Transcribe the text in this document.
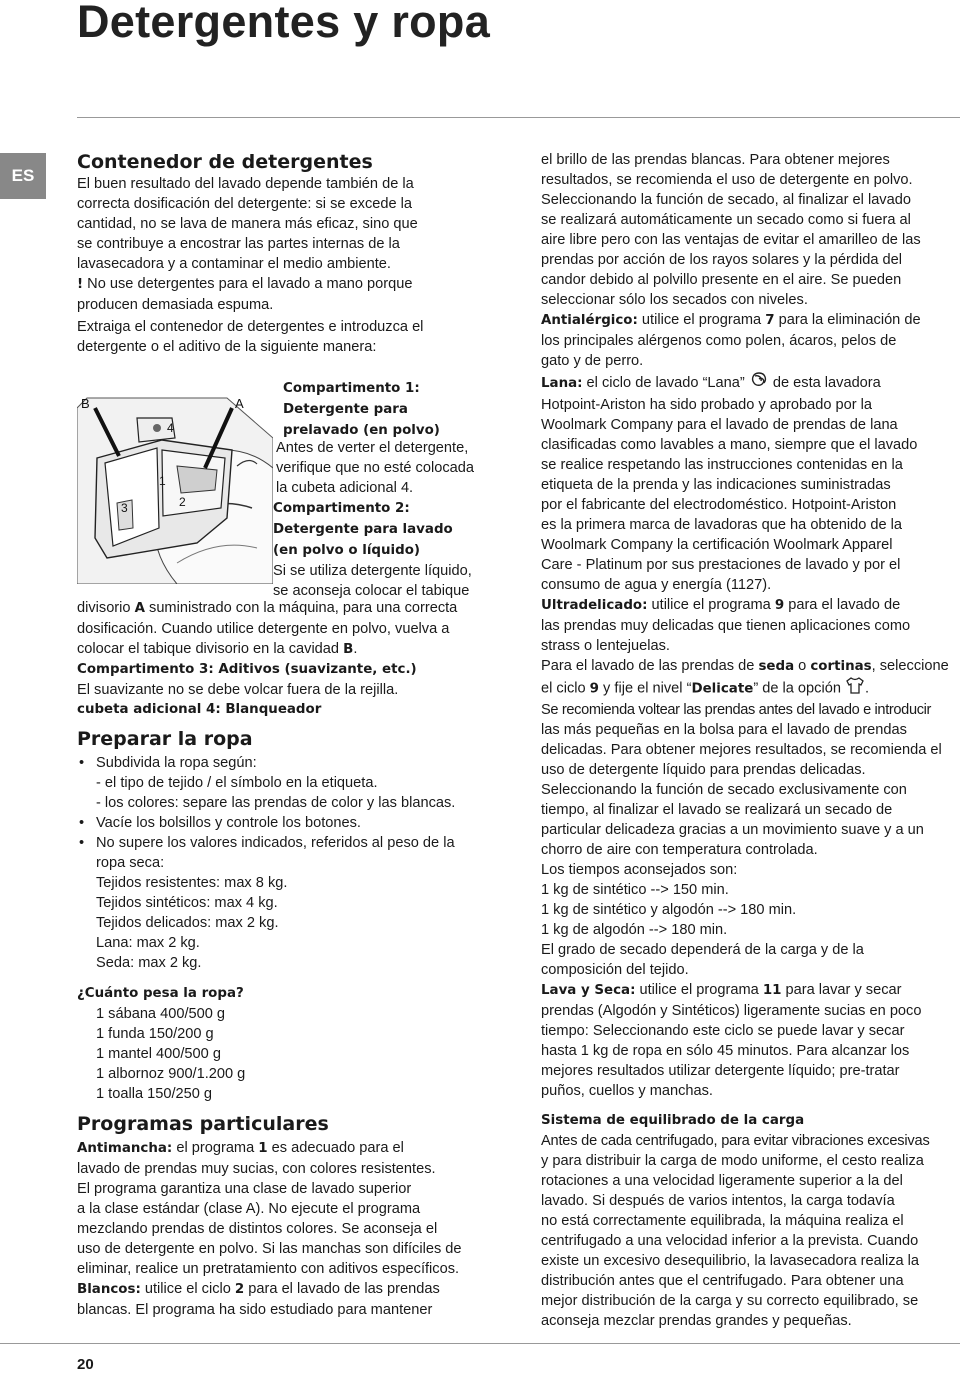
Detergentes y ropa
ES
Contenedor de detergentes

El buen resultado del lavado depende también de la

correcta dosificación del detergente: si se excede la

cantidad, no se lava de manera más eficaz, sino que

se contribuye a encostrar las partes internas de la

lavasecadora y a contaminar el medio ambiente.

! No use detergentes para el lavado a mano porque

producen demasiada espuma.

Extraiga el contenedor de detergentes e introduzca el

detergente o el aditivo de la siguiente manera:

B	A
4
1
2
3
Compartimento 1:
Detergente para
prelavado (en polvo)
Antes de verter el detergente,
verifique que no esté colocada
la cubeta adicional 4.
Compartimento 2:
Detergente para lavado
(en polvo o líquido)
Si se utiliza detergente líquido,
se aconseja colocar el tabique

divisorio A suministrado con la máquina, para una correcta

dosificación. Cuando utilice detergente en polvo, vuelva a

colocar el tabique divisorio en la cavidad B.

Compartimento 3: Aditivos (suavizante, etc.)

El suavizante no se debe volcar fuera de la rejilla.

cubeta adicional 4: Blanqueador
Preparar la ropa
• Subdivida la ropa según:
- el tipo de tejido / el símbolo en la etiqueta.
- los colores: separe las prendas de color y las blancas.
• Vacíe los bolsillos y controle los botones.
• No supere los valores indicados, referidos al peso de la
ropa seca:
Tejidos resistentes: max 8 kg.
Tejidos sintéticos: max 4 kg.
Tejidos delicados: max 2 kg.
Lana: max 2 kg.
Seda: max 2 kg.
¿Cuánto pesa la ropa?
1 sábana 400/500 g
1 funda 150/200 g
1 mantel 400/500 g
1 albornoz 900/1.200 g
1 toalla 150/250 g
Programas particulares

Antimancha: el programa 1 es adecuado para el

lavado de prendas muy sucias, con colores resistentes.

El programa garantiza una clase de lavado superior

a la clase estándar (clase A). No ejecute el programa

mezclando prendas de distintos colores. Se aconseja el

uso de detergente en polvo. Si las manchas son difíciles de

eliminar, realice un pretratamiento con aditivos específicos.

Blancos: utilice el ciclo 2 para el lavado de las prendas

blancas. El programa ha sido estudiado para mantener

el brillo de las prendas blancas. Para obtener mejores

resultados, se recomienda el uso de detergente en polvo.

Seleccionando la función de secado, al finalizar el lavado

se realizará automáticamente un secado como si fuera al

aire libre pero con las ventajas de evitar el amarilleo de las

prendas por acción de los rayos solares y la pérdida del

candor debido al polvillo presente en el aire. Se pueden

seleccionar sólo los secados con niveles.

Antialérgico: utilice el programa 7 para la eliminación de

los principales alérgenos como polen, ácaros, pelos de

gato y de perro.

Lana: el ciclo de lavado “Lana”  de esta lavadora

Hotpoint-Ariston ha sido probado y aprobado por la

Woolmark Company para el lavado de prendas de lana

clasificadas como lavables a mano, siempre que el lavado

se realice respetando las instrucciones contenidas en la

etiqueta de la prenda y las indicaciones suministradas

por el fabricante del electrodoméstico. Hotpoint-Ariston

es la primera marca de lavadoras que ha obtenido de la

Woolmark Company la certificación Woolmark Apparel

Care - Platinum por sus prestaciones de lavado y por el

consumo de agua y energía (1127).

Ultradelicado: utilice el programa 9 para el lavado de

las prendas muy delicadas que tienen aplicaciones como

strass o lentejuelas.

Para el lavado de las prendas de seda o cortinas, seleccione

el ciclo 9 y fije el nivel “Delicate” de la opción .

Se recomienda voltear las prendas antes del lavado e introducir

las más pequeñas en la bolsa para el lavado de prendas

delicadas. Para obtener mejores resultados, se recomienda el

uso de detergente líquido para prendas delicadas.

Seleccionando la función de secado exclusivamente con

tiempo, al finalizar el lavado se realizará un secado de

particular delicadeza gracias a un movimiento suave y a un

chorro de aire con temperatura controlada.

Los tiempos aconsejados son:

1 kg de sintético --> 150 min.

1 kg de sintético y algodón --> 180 min.

1 kg de algodón --> 180 min.

El grado de secado dependerá de la carga y de la

composición del tejido.

Lava y Seca: utilice el programa 11 para lavar y secar

prendas (Algodón y Sintéticos) ligeramente sucias en poco

tiempo: Seleccionando este ciclo se puede lavar y secar

hasta 1 kg de ropa en sólo 45 minutos. Para alcanzar los

mejores resultados utilizar detergente líquido; pre-tratar

puños, cuellos y manchas.

Sistema de equilibrado de la carga

Antes de cada centrifugado, para evitar vibraciones excesivas

y para distribuir la carga de modo uniforme, el cesto realiza

rotaciones a una velocidad ligeramente superior a la del

lavado. Si después de varios intentos, la carga todavía

no está correctamente equilibrada, la máquina realiza el

centrifugado a una velocidad inferior a la prevista. Cuando

existe un excesivo desequilibrio, la lavasecadora realiza la

distribución antes que el centrifugado. Para obtener una

mejor distribución de la carga y su correcto equilibrado, se

aconseja mezclar prendas grandes y pequeñas.

20
